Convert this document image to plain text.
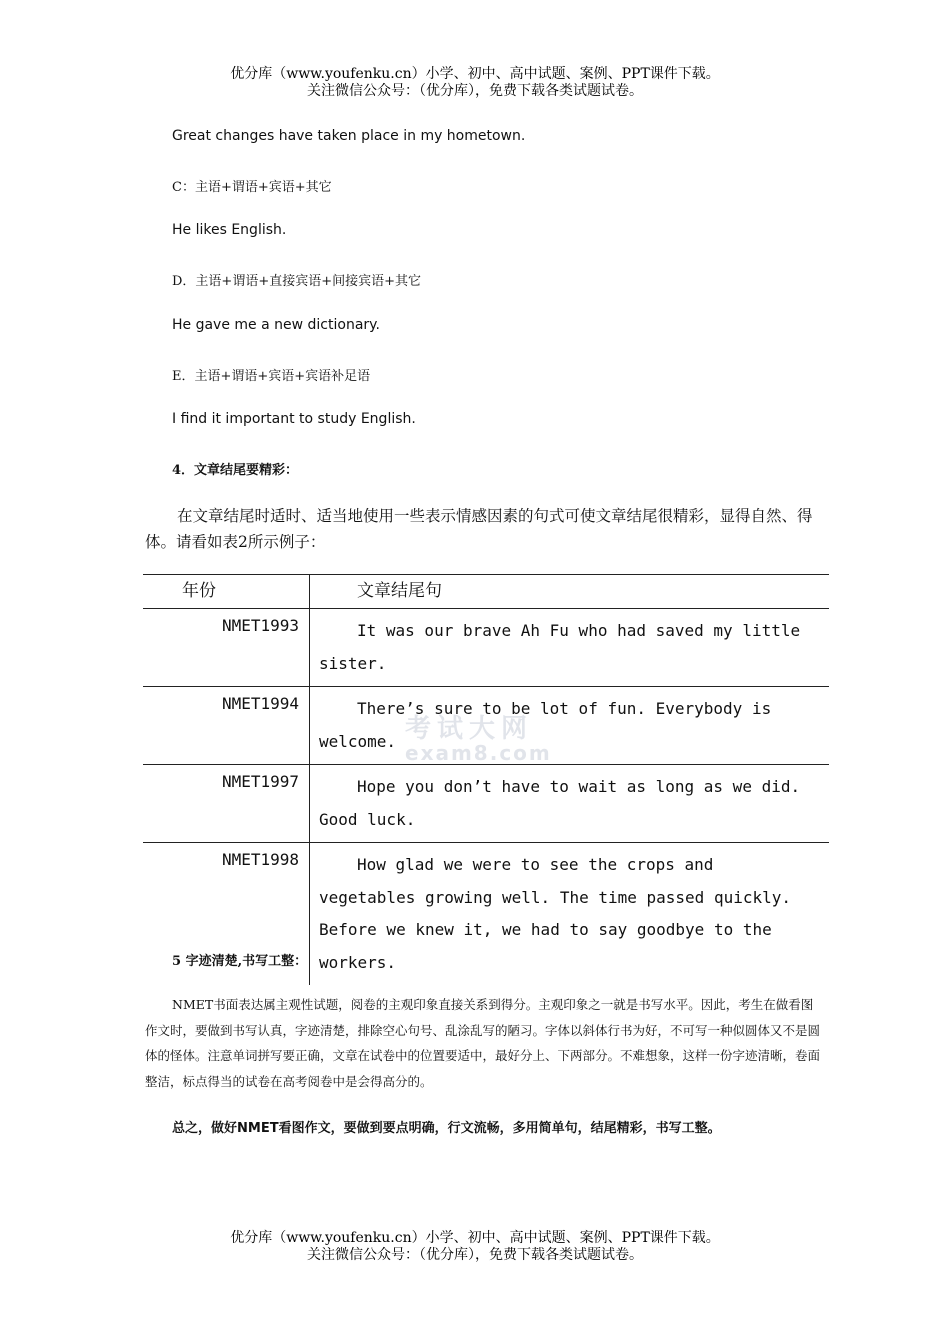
优分库（www.youfenku.cn）小学、初中、高中试题、案例、PPT课件下载。
关注微信公众号：（优分库），免费下载各类试题试卷。
Great changes have taken place in my hometown.
C：主语+谓语+宾语+其它
He likes English.
D．主语+谓语+直接宾语+间接宾语+其它
He gave me a new dictionary.
E．主语+谓语+宾语+宾语补足语
I find it important to study English.
4．文章结尾要精彩：
在文章结尾时适时、适当地使用一些表示情感因素的句式可使文章结尾很精彩，显得自然、得体。请看如表2所示例子：
年份	文章结尾句
NMET1993	It was our brave Ah Fu who had saved my little sister.
NMET1994	There’s sure to be lot of fun. Everybody is welcome.
NMET1997	Hope you don’t have to wait as long as we did. Good luck.
NMET1998	How glad we were to see the crops and vegetables growing well. The time passed quickly. Before we knew it, we had to say goodbye to the workers.
考试大网
exam8.com
5 字迹清楚,书写工整：
NMET书面表达属主观性试题，阅卷的主观印象直接关系到得分。主观印象之一就是书写水平。因此，考生在做看图作文时，要做到书写认真，字迹清楚，排除空心句号、乱涂乱写的陋习。字体以斜体行书为好，不可写一种似圆体又不是圆体的怪体。注意单词拼写要正确，文章在试卷中的位置要适中，最好分上、下两部分。不难想象，这样一份字迹清晰，卷面整洁，标点得当的试卷在高考阅卷中是会得高分的。
总之，做好NMET看图作文，要做到要点明确，行文流畅，多用简单句，结尾精彩，书写工整。
优分库（www.youfenku.cn）小学、初中、高中试题、案例、PPT课件下载。
关注微信公众号：（优分库），免费下载各类试题试卷。
